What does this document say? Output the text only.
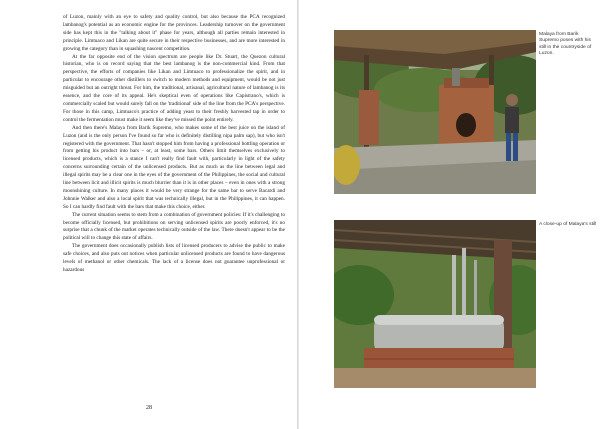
of Luzon, mainly with an eye to safety and quality control, but also because the PCA recognized lambanog's potential as an economic engine for the provinces. Leadership turnover on the government side has kept this in the "talking about it" phase for years, although all parties remain interested in principle. Limtuaco and Likan are quite secure in their respective businesses, and are more interested in growing the category than in squashing nascent competition.

At the far opposite end of the vision spectrum are people like Dr. Stuart, the Quezon cultural historian, who is on record saying that the best lambanog is the non-commercial kind. From that perspective, the efforts of companies like Likan and Limtuaco to professionalize the spirit, and in particular to encourage other distillers to switch to modern methods and equipment, would be not just misguided but an outright threat. For him, the traditional, artisanal, agricultural nature of lambanog is its essence, and the core of its appeal. He's skeptical even of operations like Capistrano's, which is commercially scaled but would surely fall on the 'traditional' side of the line from the PCA's perspective. For those in this camp, Limtuaco's practice of adding yeast to their freshly harvested tap in order to control the fermentation must make it seem like they've missed the point entirely.

And then there's Malaya from Barik Supremo, who makes some of the best juice on the island of Luzon (and is the only person I've found so far who is definitely distilling nipa palm sap), but who isn't registered with the government. That hasn't stopped him from having a professional bottling operation or from getting his product into bars – or, at least, some bars. Others limit themselves exclusively to licensed products, which is a stance I can't really find fault with, particularly in light of the safety concerns surrounding certain of the unlicensed products. But as much as the line between legal and illegal spirits may be a clear one in the eyes of the government of the Philippines, the social and cultural line between licit and illicit spirits is much blurrier than it is in other places – even in ones with a strong moonshining culture. In many places it would be very strange for the same bar to serve Bacardi and Johnnie Walker and also a local spirit that was technically illegal, but in the Philippines, it can happen. So I can hardly find fault with the bars that make this choice, either.

The current situation seems to stem from a combination of government policies: If it's challenging to become officially licensed, but prohibitions on serving unlicensed spirits are poorly enforced, it's no surprise that a chunk of the market operates technically outside of the law. There doesn't appear to be the political will to change this state of affairs.

The government does occasionally publish lists of licensed producers to advise the public to make safe choices, and also puts out notices when particular unlicensed products are found to have dangerous levels of methanol or other chemicals. The lack of a license does not guarantee unprofessional or hazardous

28
Malaya from Barik Supremo poses with his still in the countryside of Luzon.
A close-up of Malaya's still
